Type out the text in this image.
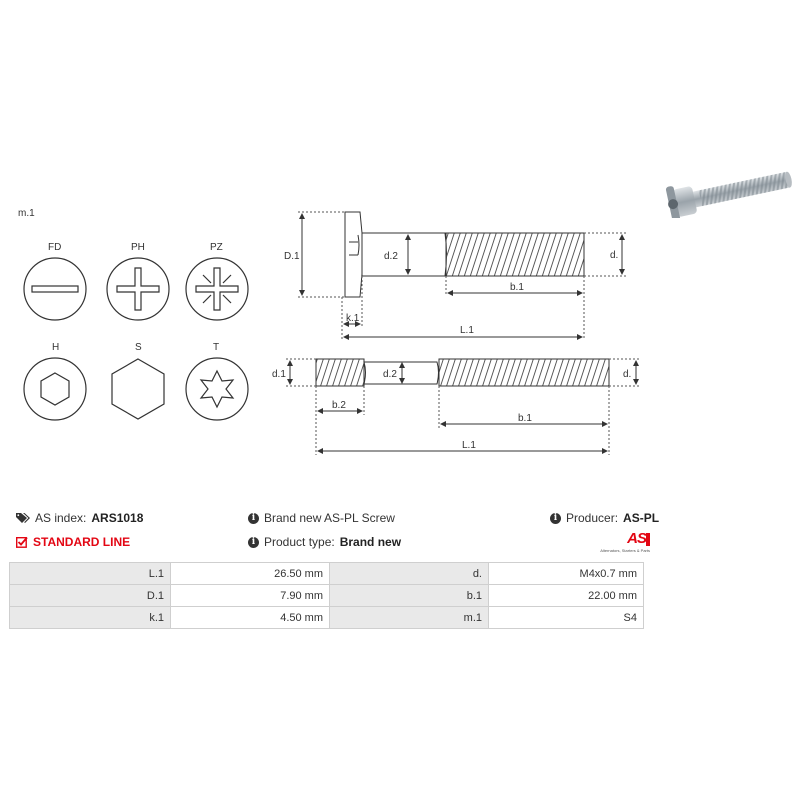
m.1
FD	PH	PZ
H	S	T
D.1	d.2	d.
b.1
k.1
L.1
d.1	d.2	d.
b.2
b.1
L.1
AS index: ARS1018
STANDARD LINE
i Brand new AS-PL Screw
i Product type: Brand new
i Producer: AS-PL
AS
Alternators, Starters & Parts
L.1	26.50 mm	d.	M4x0.7 mm
D.1	7.90 mm	b.1	22.00 mm
k.1	4.50 mm	m.1	S4
